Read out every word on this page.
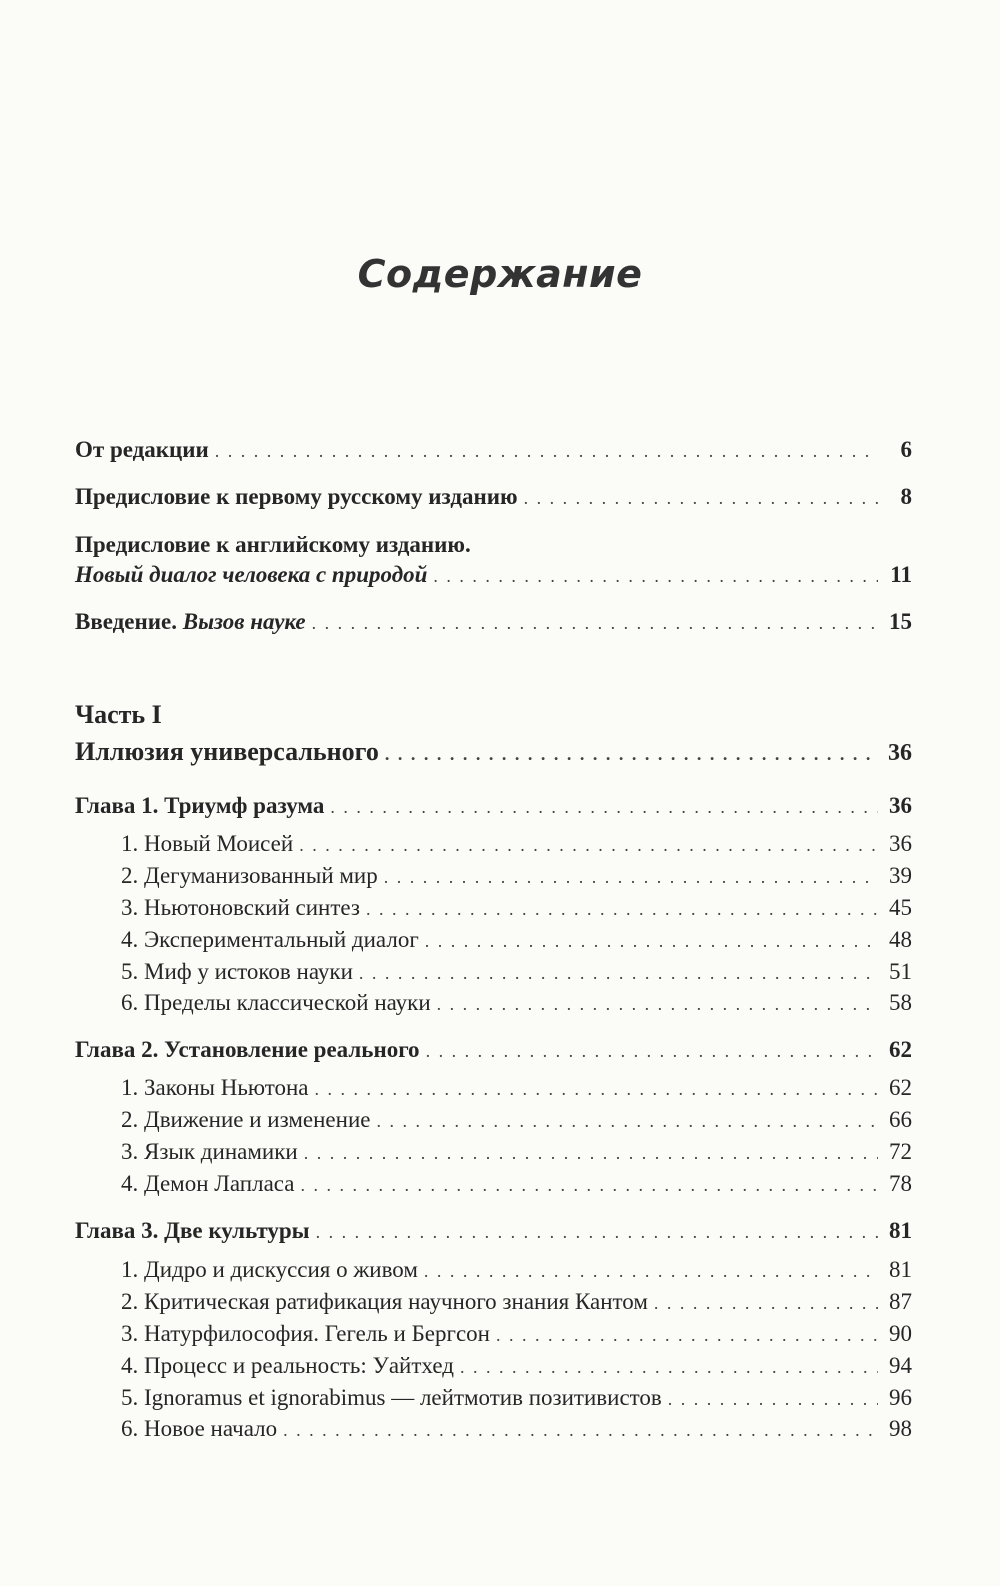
Содержание
От редакции . . .	6
Предисловие к первому русскому изданию . . .	8
Предисловие к английскому изданию.
Новый диалог человека с природой . . .	11
Введение. Вызов науке . . .	15
Часть I
Иллюзия универсального . . .	36
Глава 1. Триумф разума . . .	36
1. Новый Моисей . . .	36
2. Дегуманизованный мир . . .	39
3. Ньютоновский синтез . . .	45
4. Экспериментальный диалог . . .	48
5. Миф у истоков науки . . .	51
6. Пределы классической науки . . .	58
Глава 2. Установление реального . . .	62
1. Законы Ньютона . . .	62
2. Движение и изменение . . .	66
3. Язык динамики . . .	72
4. Демон Лапласа . . .	78
Глава 3. Две культуры . . .	81
1. Дидро и дискуссия о живом . . .	81
2. Критическая ратификация научного знания Кантом . . .	87
3. Натурфилософия. Гегель и Бергсон . . .	90
4. Процесс и реальность: Уайтхед . . .	94
5. Ignoramus et ignorabimus — лейтмотив позитивистов . . .	96
6. Новое начало . . .	98
